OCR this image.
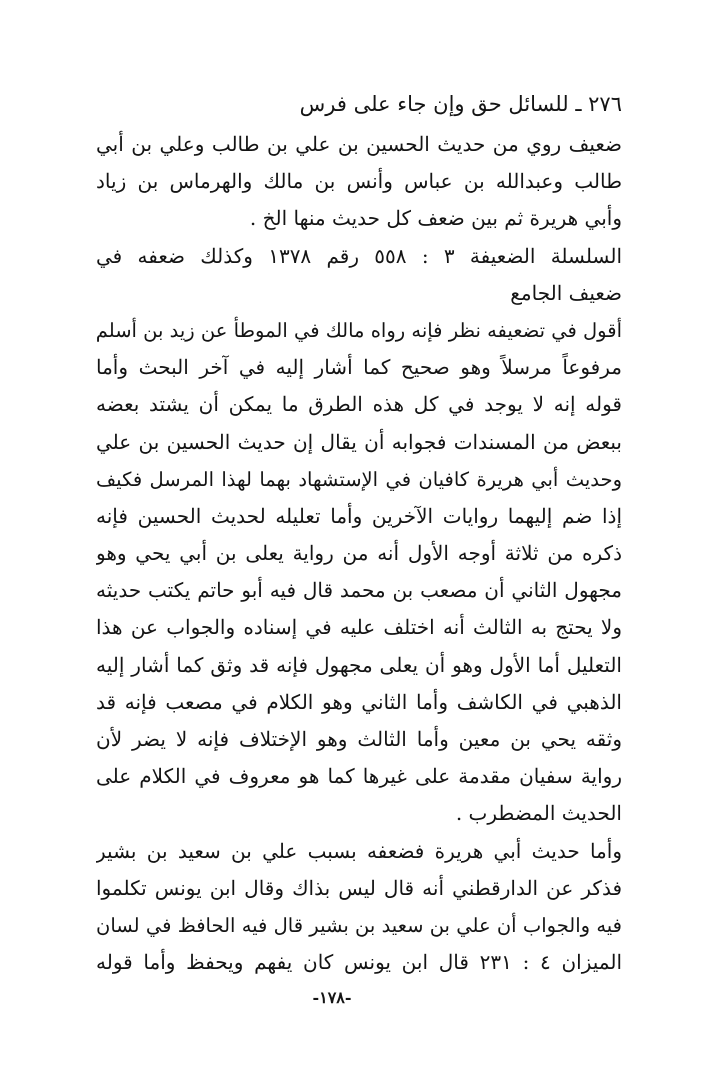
٢٧٦ ـ للسائل حق وإن جاء على فرس
ضعيف روي من حديث الحسين بن علي بن طالب وعلي بن أبي
طالب وعبدالله بن عباس وأنس بن مالك والهرماس بن زياد
وأبي هريرة ثم بين ضعف كل حديث منها الخ .
السلسلة الضعيفة ٣ : ٥٥٨ رقم ١٣٧٨ وكذلك ضعفه في
ضعيف الجامع
أقول في تضعيفه نظر فإنه رواه مالك في الموطأ عن زيد بن أسلم
مرفوعاً مرسلاً وهو صحيح كما أشار إليه في آخر البحث وأما
قوله إنه لا يوجد في كل هذه الطرق ما يمكن أن يشتد بعضه
ببعض من المسندات فجوابه أن يقال إن حديث الحسين بن علي
وحديث أبي هريرة كافيان في الإستشهاد بهما لهذا المرسل فكيف
إذا ضم إليهما روايات الآخرين وأما تعليله لحديث الحسين فإنه
ذكره من ثلاثة أوجه الأول أنه من رواية يعلى بن أبي يحي وهو
مجهول الثاني أن مصعب بن محمد قال فيه أبو حاتم يكتب حديثه
ولا يحتج به الثالث أنه اختلف عليه في إسناده والجواب عن هذا
التعليل أما الأول وهو أن يعلى مجهول فإنه قد وثق كما أشار إليه
الذهبي في الكاشف وأما الثاني وهو الكلام في مصعب فإنه قد
وثقه يحي بن معين وأما الثالث وهو الإختلاف فإنه لا يضر لأن
رواية سفيان مقدمة على غيرها كما هو معروف في الكلام على
الحديث المضطرب .
وأما حديث أبي هريرة فضعفه بسبب علي بن سعيد بن بشير
فذكر عن الدارقطني أنه قال ليس بذاك وقال ابن يونس تكلموا
فيه والجواب أن علي بن سعيد بن بشير قال فيه الحافظ في لسان
الميزان ٤ : ٢٣١ قال ابن يونس كان يفهم ويحفظ وأما قوله
-١٧٨-
